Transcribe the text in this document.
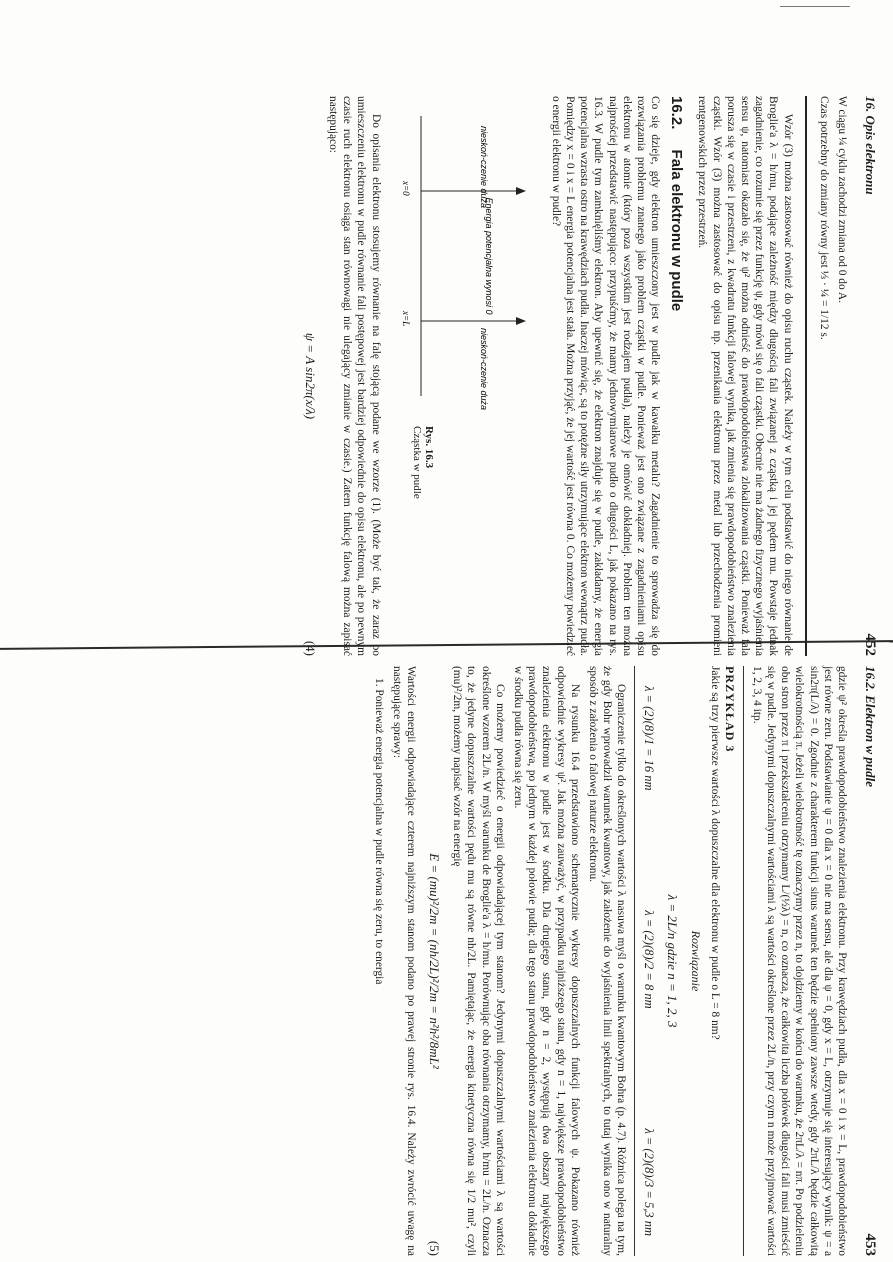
16. Opis elektronu
452

W ciągu ¼ cyklu zachodzi zmiana od 0 do A.

Czas potrzebny do zmiany równy jest ⅓ · ¼ = 1/12 s.

Wzór (3) można zastosować również do opisu ruchu cząstek. Należy w tym celu podstawić do niego równanie de Broglie'a λ = h/mu, podające zależność między długością fali związanej z cząstką i jej pędem mu. Powstaje jednak zagadnienie, co rozumie się przez funkcję ψ, gdy mówi się o fali cząstki. Obecnie nie ma żadnego fizycznego wyjaśnienia sensu ψ, natomiast okazało się, że ψ² można odnieść do prawdopodobieństwa zlokalizowania cząstki. Ponieważ fala porusza się w czasie i przestrzeni, z kwadratu funkcji falowej wynika, jak zmienia się prawdopodobieństwo znalezienia cząstki. Wzór (3) można zastosować do opisu np. przenikania elektronu przez metal lub przechodzenia promieni rentgenowskich przez przestrzeń.

16.2. Fala elektronu w pudle

Co się dzieje, gdy elektron umieszczony jest w pudle jak w kawałku metalu? Zagadnienie to sprowadza się do rozwiązania problemu znanego jako problem cząstki w pudle. Ponieważ jest ono związane z zagadnieniami opisu elektronu w atomie (który poza wszystkim jest rodzajem pudła), należy je omówić dokładniej. Problem ten można najprościej przedstawić następująco: przypuśćmy, że mamy jednowymiarowe pudło o długości L, jak pokazano na rys. 16.3. W pudle tym zamknięliśmy elektron. Aby upewnić się, że elektron znajduje się w pudle, zakładamy, że energia potencjalna wzrasta ostro na krawędziach pudła. Inaczej mówiąc, są to potężne siły utrzymujące elektron wewnątrz pudła. Pomiędzy x = 0 i x = L energia potencjalna jest stała. Można przyjąć, że jej wartość jest równa 0. Co możemy powiedzieć o energii elektronu w pudle?

nieskoń-czenie duża
Energia potencjalna wynosi 0
nieskoń-czenie duża
x=0
x=L
Rys. 16.3
Cząstka w pudle

Do opisania elektronu stosujemy równanie na falę stojącą podane we wzorze (1). (Może być tak, że zaraz po umieszczeniu elektronu w pudle równanie fali postępowej jest bardziej odpowiednie do opisu elektronu, ale po pewnym czasie ruch elektronu osiąga stan równowagi nie ulegający zmianie w czasie.) Zatem funkcję falową można zapisać następująco:

ψ = A sin2π(x/λ)
(4)
16.2. Elektron w pudle
453

gdzie ψ² określa prawdopodobieństwo znalezienia elektronu. Przy krawędziach pudła, dla x = 0 i x = L, prawdopodobieństwo jest równe zeru. Podstawianie ψ = 0 dla x = 0 nie ma sensu, ale dla ψ = 0, gdy x = L, otrzymuje się interesujący wynik: ψ = a sin2π(L/λ) = 0. Zgodnie z charakterem funkcji sinus warunek ten będzie spełniony zawsze wtedy, gdy 2πL/λ będzie całkowitą wielokrotnością π. Jeżeli wielokrotność tę oznaczymy przez n, to dojdziemy w końcu do warunku, że 2πL/λ = nπ. Po podzieleniu obu stron przez π i przekształceniu otrzymamy L/(½λ) = n, co oznacza, że całkowita liczba połówek długości fali musi zmieścić się w pudle. Jedynymi dopuszczalnymi wartościami λ są wartości określone przez 2L/n, przy czym n może przyjmować wartości 1, 2, 3, 4 itp.

PRZYKŁAD 3

Jakie są trzy pierwsze wartości λ dopuszczalne dla elektronu w pudle o L = 8 nm?

Rozwiązanie
λ = 2L/n gdzie n = 1, 2, 3
λ = (2)(8)/1 = 16 nm
λ = (2)(8)/2 = 8 nm
λ = (2)(8)/3 = 5,3 nm

Ograniczenie tylko do określonych wartości λ nasuwa myśl o warunku kwantowym Bohra (p. 4.7). Różnica polega na tym, że gdy Bohr wprowadził warunek kwantowy, jak założenie do wyjaśnienia linii spektralnych, to tutaj wynika ono w naturalny sposób z założenia o falowej naturze elektronu.

Na rysunku 16.4 przedstawiono schematycznie wykresy dopuszczalnych funkcji falowych ψ. Pokazano również odpowiednie wykresy ψ². Jak można zauważyć, w przypadku najniższego stanu, gdy n = 1, największe prawdopodobieństwo znalezienia elektronu w pudle jest w środku. Dla drugiego stanu, gdy n = 2, występują dwa obszary największego prawdopodobieństwa, po jednym w każdej połowie pudła; dla tego stanu prawdopodobieństwo znalezienia elektronu dokładnie w środku pudła równa się zeru.

Co możemy powiedzieć o energii odpowiadającej tym stanom? Jedynymi dopuszczalnymi wartościami λ są wartości określone wzorem 2L/n. W myśl warunku de Broglie'a λ = h/mu. Porównując oba równania otrzymamy, h/mu = 2L/n. Oznacza to, że jedyne dopuszczalne wartości pędu mu są równe nh/2L. Pamiętając, że energia kinetyczna równa się 1/2 mu², czyli (mu)²/2m, możemy napisać wzór na energię

E = (mu)²/2m = (nh/2L)²/2m = n²h²/8mL²
(5)

Wartości energii odpowiadające czterem najniższym stanom podano po prawej stronie rys. 16.4. Należy zwrócić uwagę na następujące sprawy:

1. Ponieważ energia potencjalna w pudle równa się zeru, to energia
